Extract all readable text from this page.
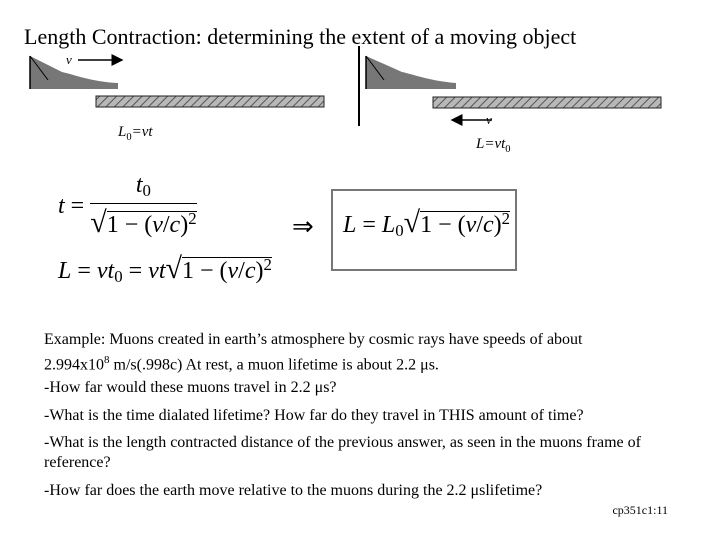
Length Contraction: determining the extent of a moving object
v
v
$L_0=vt$
$L=vt_0$
$t = \frac{t_0}{√1 - (v/c)^2}$
$L = vt_0 = vt√1 - (v/c)^2$
⇒ $L = L_0√1 - (v/c)^2$
Example: Muons created in earth’s atmosphere by cosmic rays have speeds of about
$2.994x10^8$ m/s(.998c) At rest, a muon lifetime is about 2.2 μs.
-How far would these muons travel in 2.2 μs?
-What is the time dialated lifetime? How far do they travel in THIS amount of time?
-What is the length contracted distance of the previous answer, as seen in the muons frame of reference?
-How far does the earth move relative to the muons during the 2.2 μslifetime?
cp351c1:11
